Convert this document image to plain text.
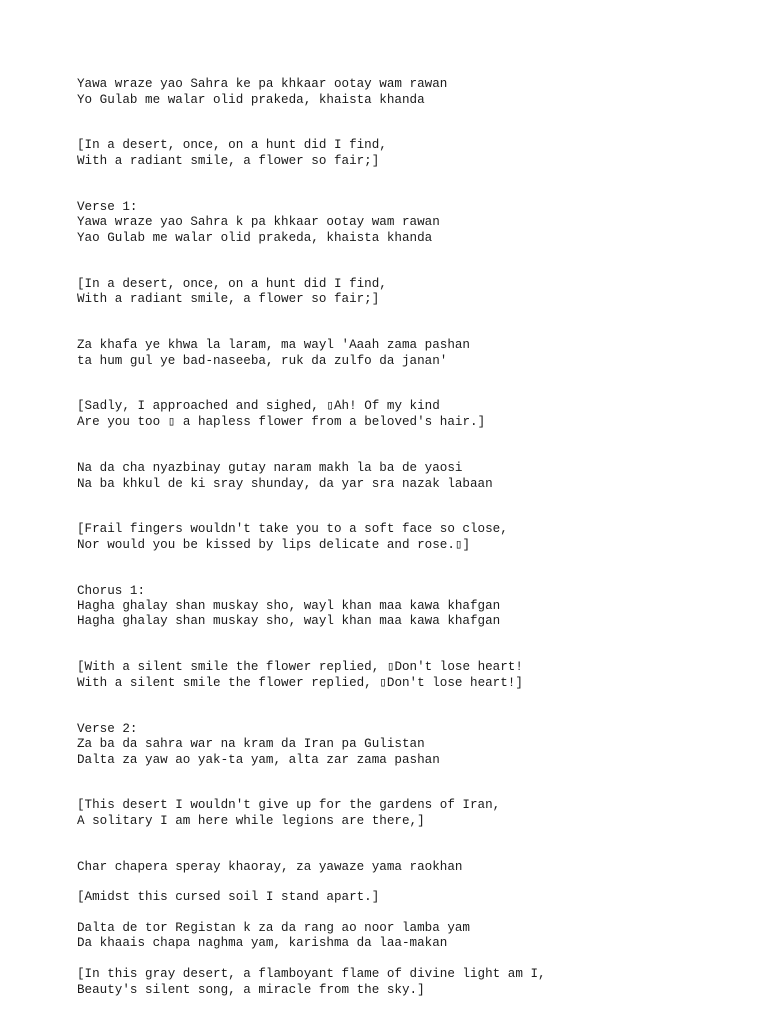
Yawa wraze yao Sahra ke pa khkaar ootay wam rawan

Yo Gulab me walar olid prakeda, khaista khanda

[In a desert, once, on a hunt did I find,

With a radiant smile, a flower so fair;]

Verse 1:

Yawa wraze yao Sahra k pa khkaar ootay wam rawan

Yao Gulab me walar olid prakeda, khaista khanda

[In a desert, once, on a hunt did I find,

With a radiant smile, a flower so fair;]

Za khafa ye khwa la laram, ma wayl 'Aaah zama pashan

ta hum gul ye bad-naseeba, ruk da zulfo da janan'

[Sadly, I approached and sighed, ▯Ah! Of my kind

Are you too ▯ a hapless flower from a beloved's hair.]

Na da cha nyazbinay gutay naram makh la ba de yaosi

Na ba khkul de ki sray shunday, da yar sra nazak labaan

[Frail fingers wouldn't take you to a soft face so close,

Nor would you be kissed by lips delicate and rose.▯]

Chorus 1:

Hagha ghalay shan muskay sho, wayl khan maa kawa khafgan

Hagha ghalay shan muskay sho, wayl khan maa kawa khafgan

[With a silent smile the flower replied, ▯Don't lose heart!

With a silent smile the flower replied, ▯Don't lose heart!]

Verse 2:

Za ba da sahra war na kram da Iran pa Gulistan

Dalta za yaw ao yak-ta yam, alta zar zama pashan

[This desert I wouldn't give up for the gardens of Iran,

A solitary I am here while legions are there,]

Char chapera speray khaoray, za yawaze yama raokhan

[Amidst this cursed soil I stand apart.]

Dalta de tor Registan k za da rang ao noor lamba yam

Da khaais chapa naghma yam, karishma da laa-makan

[In this gray desert, a flamboyant flame of divine light am I,

Beauty's silent song, a miracle from the sky.]
